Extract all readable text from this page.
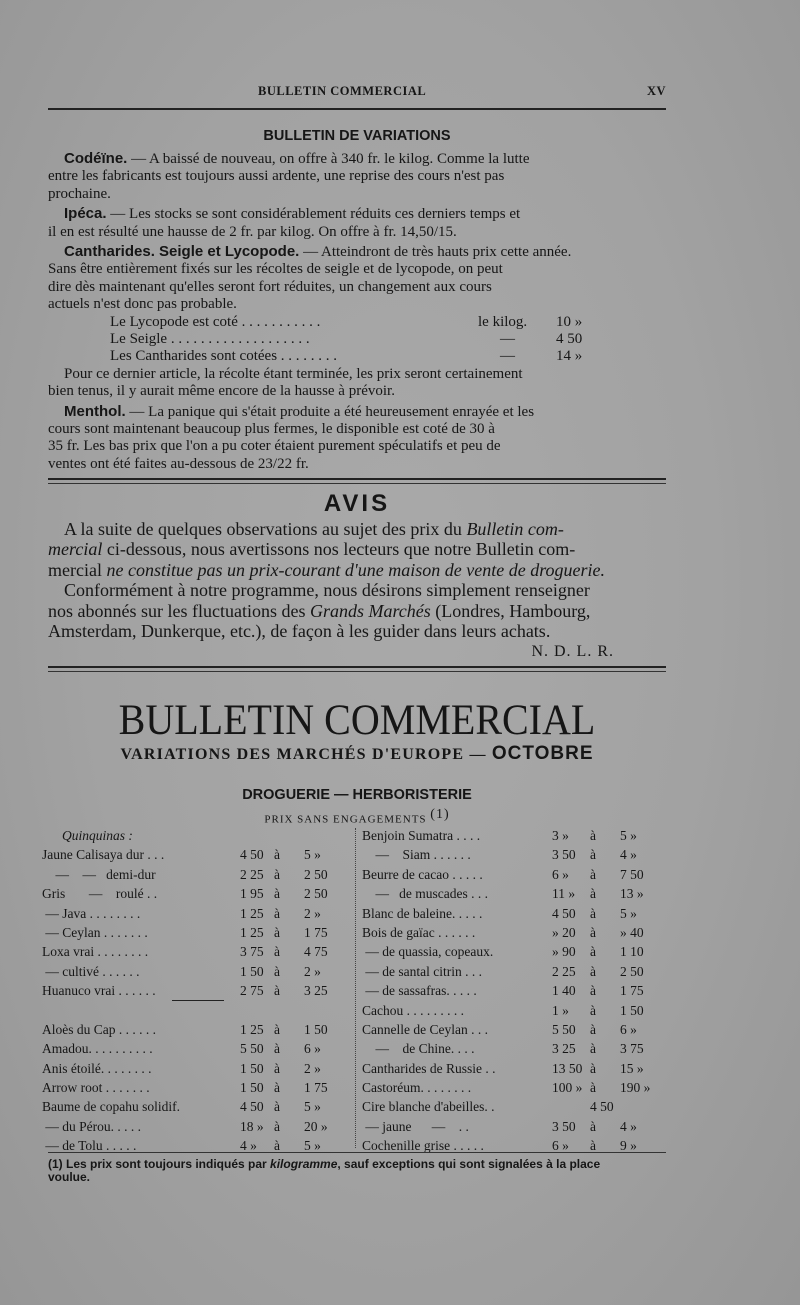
BULLETIN COMMERCIAL	XV
BULLETIN DE VARIATIONS

Codéïne. — A baissé de nouveau, on offre à 340 fr. le kilog. Comme la lutte
entre les fabricants est toujours aussi ardente, une reprise des cours n'est pas
prochaine.

Ipéca. — Les stocks se sont considérablement réduits ces derniers temps et
il en est résulté une hausse de 2 fr. par kilog. On offre à fr. 14,50/15.

Cantharides. Seigle et Lycopode. — Atteindront de très hauts prix cette année.
Sans être entièrement fixés sur les récoltes de seigle et de lycopode, on peut
dire dès maintenant qu'elles seront fort réduites, un changement aux cours
actuels n'est donc pas probable.

Le Lycopode est coté . . . . . . . . . . .	le kilog. 10 »
Le Seigle . . . . . . . . . . . . . . . . . . .	—	4 50
Les Cantharides sont cotées . . . . . . . .	—	14 »

Pour ce dernier article, la récolte étant terminée, les prix seront certainement
bien tenus, il y aurait même encore de la hausse à prévoir.

Menthol. — La panique qui s'était produite a été heureusement enrayée et les
cours sont maintenant beaucoup plus fermes, le disponible est coté de 30 à
35 fr. Les bas prix que l'on a pu coter étaient purement spéculatifs et peu de
ventes ont été faites au-dessous de 23/22 fr.

AVIS

A la suite de quelques observations au sujet des prix du Bulletin com-
mercial ci-dessous, nous avertissons nos lecteurs que notre Bulletin com-
mercial ne constitue pas un prix-courant d'une maison de vente de droguerie.

Conformément à notre programme, nous désirons simplement renseigner
nos abonnés sur les fluctuations des Grands Marchés (Londres, Hambourg,
Amsterdam, Dunkerque, etc.), de façon à les guider dans leurs achats.

N. D. L. R.
BULLETIN COMMERCIAL
VARIATIONS DES MARCHÉS D'EUROPE — OCTOBRE
DROGUERIE — HERBORISTERIE
PRIX SANS ENGAGEMENTS $^{(1)}$
Quinquinas :
Jaune Calisaya dur . . .	4 50 à 5 »
—    —   demi-dur	2 25 à 2 50
Gris       —    roulé . .	1 95 à 2 50
— Java . . . . . . . .	1 25 à 2 »
— Ceylan . . . . . . .	1 25 à 1 75
Loxa vrai . . . . . . . .	3 75 à 4 75
— cultivé . . . . . .	1 50 à 2 »
Huanuco vrai . . . . . .	2 75 à 3 25
Aloès du Cap . . . . . .	1 25 à 1 50
Amadou. . . . . . . . . .	5 50 à 6 »
Anis étoilé. . . . . . . .	1 50 à 2 »
Arrow root . . . . . . .	1 50 à 1 75
Baume de copahu solidif.	4 50 à 5 »
— du Pérou. . . . .	18 » à 20 »
— de Tolu . . . . .	4 » à 5 »
Benjoin Sumatra . . . .	3 » à 5 »
—    Siam . . . . . .	3 50 à 4 »
Beurre de cacao . . . . .	6 » à 7 50
—   de muscades . . .	11 » à 13 »
Blanc de baleine. . . . .	4 50 à 5 »
Bois de gaïac . . . . . .	» 20 à » 40
— de quassia, copeaux.	» 90 à 1 10
— de santal citrin . . .	2 25 à 2 50
— de sassafras. . . . .	1 40 à 1 75
Cachou . . . . . . . . .	1 » à 1 50
Cannelle de Ceylan . . .	5 50 à 6 »
—    de Chine. . . .	3 25 à 3 75
Cantharides de Russie . .	13 50 à 15 »
Castoréum. . . . . . . .	100 » à 190 »
Cire blanche d'abeilles. .	4 50
— jaune      —    . .	3 50 à 4 »
Cochenille grise . . . . .	6 » à 9 »
(1) Les prix sont toujours indiqués par kilogramme, sauf exceptions qui sont signalées à la place
voulue.
